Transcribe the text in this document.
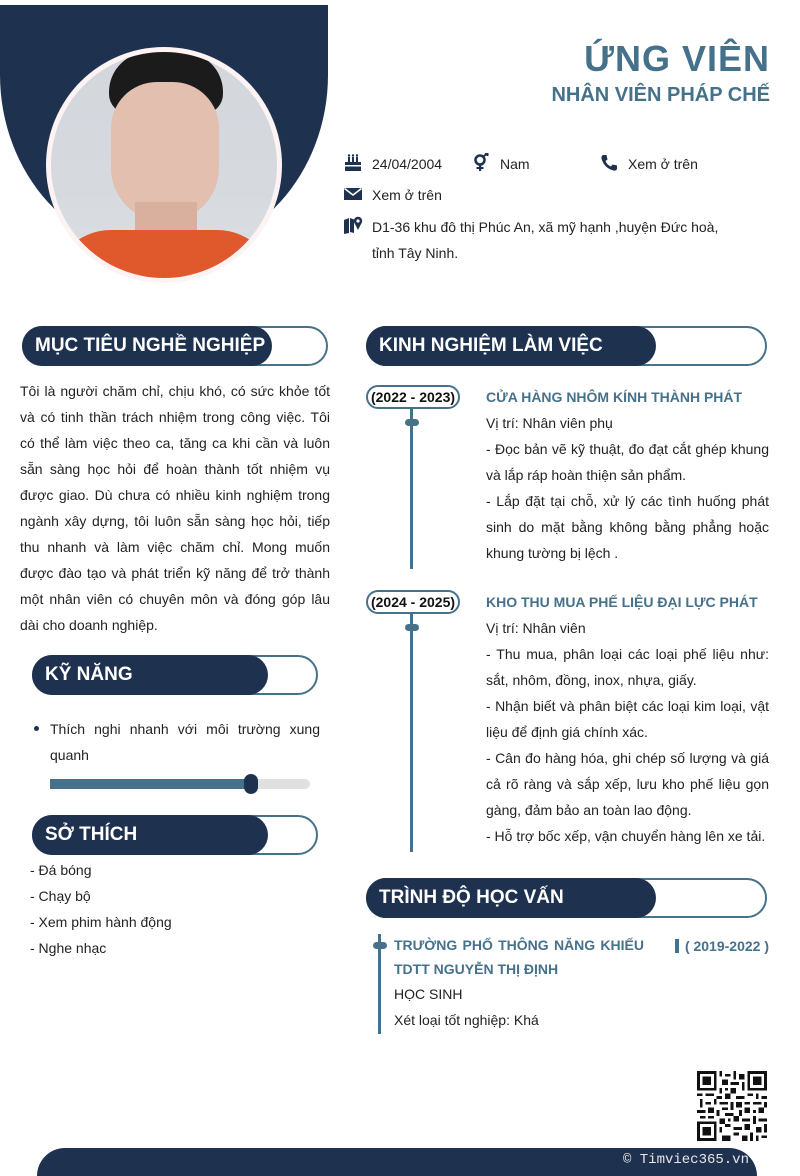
ỨNG VIÊN
NHÂN VIÊN PHÁP CHẾ
24/04/2004	Nam	Xem ở trên
Xem ở trên
D1-36 khu đô thị Phúc An, xã mỹ hạnh ,huyện Đức hoà,
tỉnh Tây Ninh.
MỤC TIÊU NGHỀ NGHIỆP
Tôi là người chăm chỉ, chịu khó, có sức khỏe tốt và có tinh thần trách nhiệm trong công việc. Tôi có thể làm việc theo ca, tăng ca khi cần và luôn sẵn sàng học hỏi để hoàn thành tốt nhiệm vụ được giao. Dù chưa có nhiều kinh nghiệm trong ngành xây dựng, tôi luôn sẵn sàng học hỏi, tiếp thu nhanh và làm việc chăm chỉ. Mong muốn được đào tạo và phát triển kỹ năng để trở thành một nhân viên có chuyên môn và đóng góp lâu dài cho doanh nghiệp.
KỸ NĂNG
Thích nghi nhanh với môi trường xung quanh
SỞ THÍCH
- Đá bóng
- Chạy bộ
- Xem phim hành động
- Nghe nhạc
KINH NGHIỆM LÀM VIỆC
(2022 - 2023)	CỬA HÀNG NHÔM KÍNH THÀNH PHÁT
Vị trí: Nhân viên phụ
- Đọc bản vẽ kỹ thuật, đo đạt cắt ghép khung và lắp ráp hoàn thiện sản phẩm.
- Lắp đặt tại chỗ, xử lý các tình huống phát sinh do mặt bằng không bằng phẳng hoặc khung tường bị lệch .
(2024 - 2025)	KHO THU MUA PHẾ LIỆU ĐẠI LỰC PHÁT
Vị trí: Nhân viên
- Thu mua, phân loại các loại phế liệu như: sắt, nhôm, đồng, inox, nhựa, giấy.
- Nhận biết và phân biệt các loại kim loại, vật liệu để định giá chính xác.
- Cân đo hàng hóa, ghi chép số lượng và giá cả rõ ràng và sắp xếp, lưu kho phế liệu gọn gàng, đảm bảo an toàn lao động.
- Hỗ trợ bốc xếp, vận chuyển hàng lên xe tải.
TRÌNH ĐỘ HỌC VẤN
TRƯỜNG PHỔ THÔNG NĂNG KHIẾU TDTT NGUYỄN THỊ ĐỊNH
( 2019-2022 )
HỌC SINH
Xét loại tốt nghiệp: Khá
© Timviec365.vn
